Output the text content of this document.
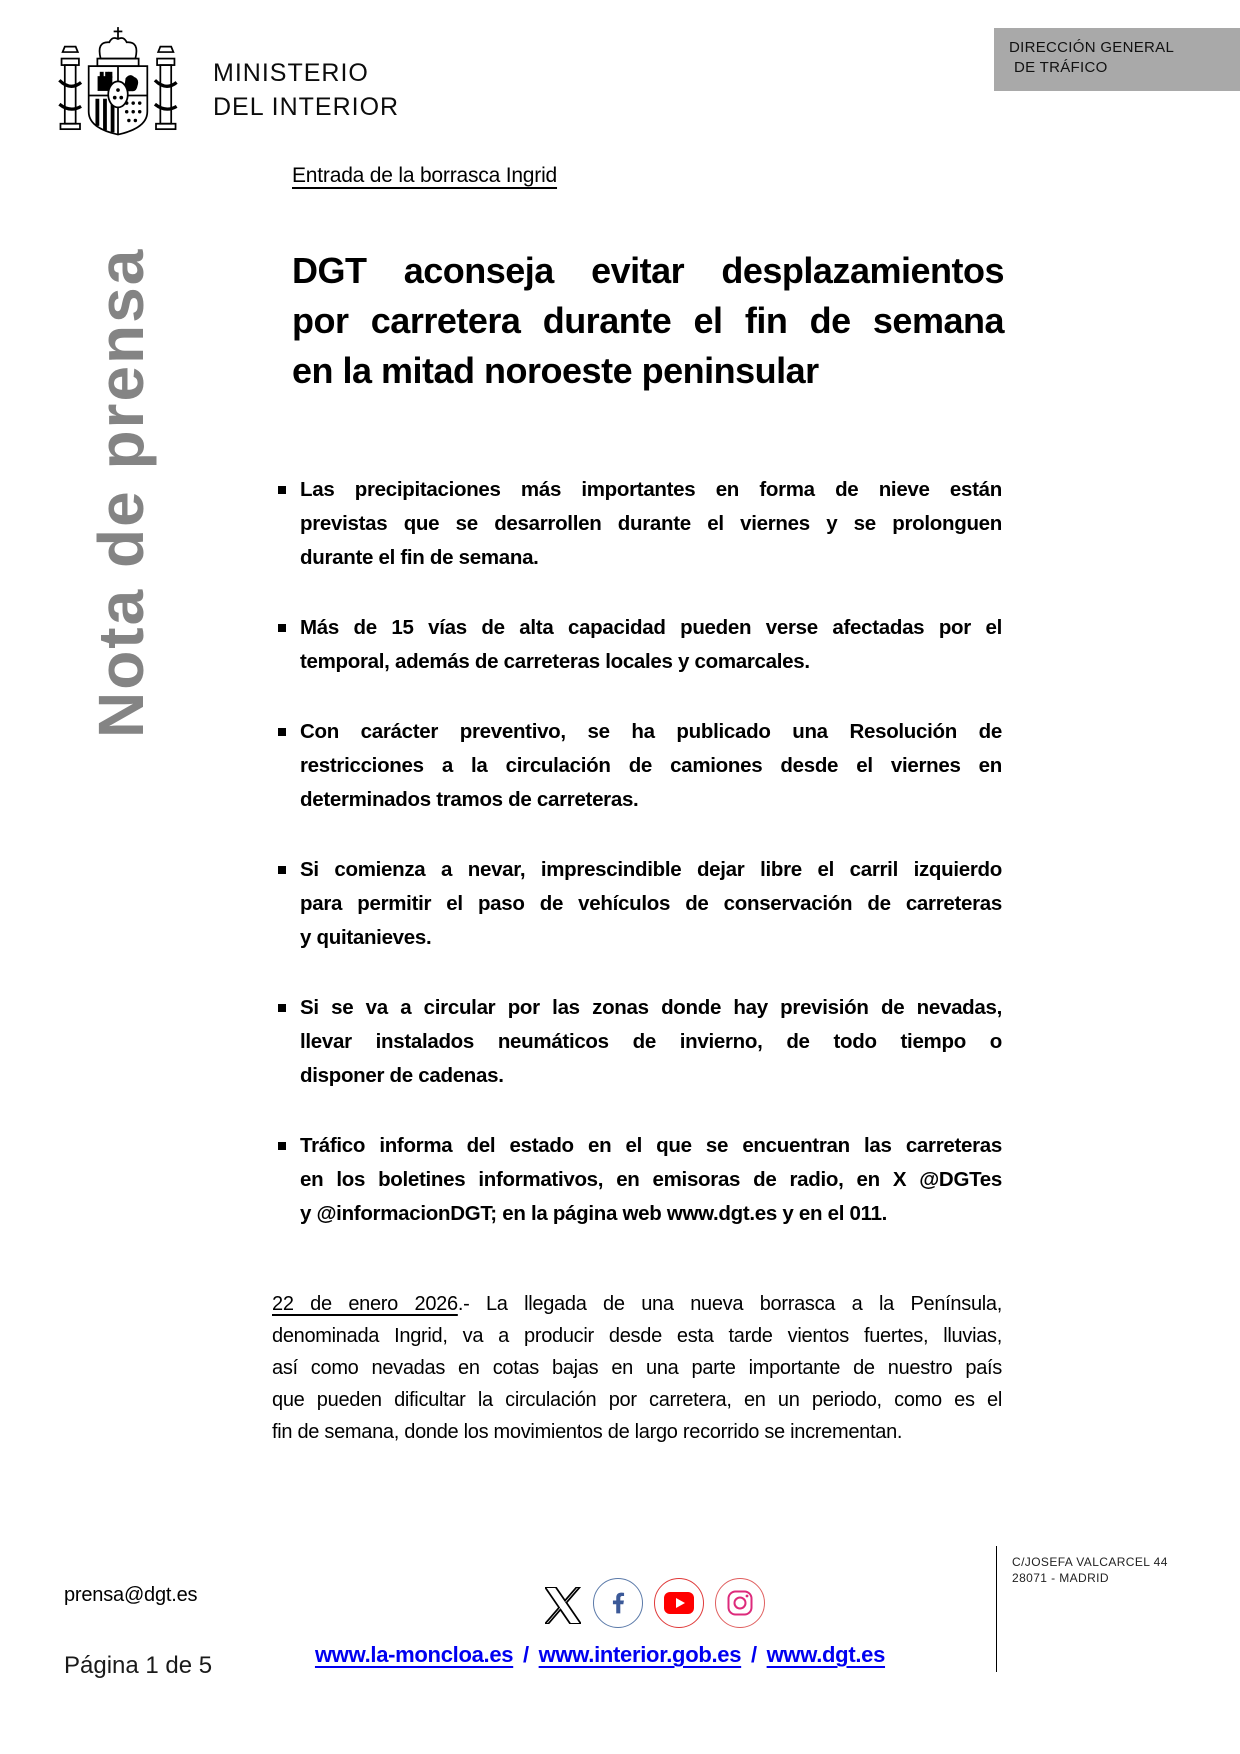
MINISTERIO
DEL INTERIOR
DIRECCIÓN GENERAL
DE TRÁFICO
Nota de prensa
Entrada de la borrasca Ingrid
DGT aconseja evitar desplazamientos
por carretera durante el fin de semana
en la mitad noroeste peninsular
Las precipitaciones más importantes en forma de nieve están
previstas que se desarrollen durante el viernes y se prolonguen
durante el fin de semana.
Más de 15 vías de alta capacidad pueden verse afectadas por el
temporal, además de carreteras locales y comarcales.
Con carácter preventivo, se ha publicado una Resolución de
restricciones a la circulación de camiones desde el viernes en
determinados tramos de carreteras.
Si comienza a nevar, imprescindible dejar libre el carril izquierdo
para permitir el paso de vehículos de conservación de carreteras
y quitanieves.
Si se va a circular por las zonas donde hay previsión de nevadas,
llevar instalados neumáticos de invierno, de todo tiempo o
disponer de cadenas.
Tráfico informa del estado en el que se encuentran las carreteras
en los boletines informativos, en emisoras de radio, en X @DGTes
y @informacionDGT; en la página web www.dgt.es y en el 011.
22 de enero 2026.- La llegada de una nueva borrasca a la Península,
denominada Ingrid, va a producir desde esta tarde vientos fuertes, lluvias,
así como nevadas en cotas bajas en una parte importante de nuestro país
que pueden dificultar la circulación por carretera, en un periodo, como es el
fin de semana, donde los movimientos de largo recorrido se incrementan.
prensa@dgt.es
Página 1 de 5	www.la-moncloa.es / www.interior.gob.es / www.dgt.es
C/JOSEFA VALCARCEL 44
28071 - MADRID
